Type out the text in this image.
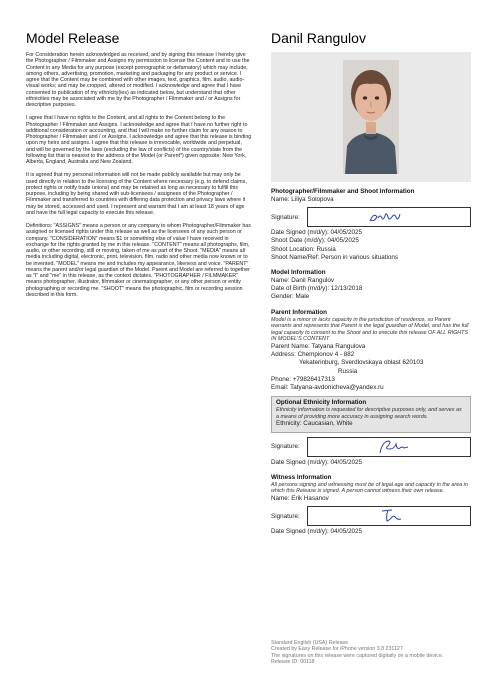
Model Release

For Consideration herein acknowledged as received, and by signing this release I hereby give the Photographer / Filmmaker and Assigns my permission to license the Content and to use the Content in any Media for any purpose (except pornographic or defamatory) which may include, among others, advertising, promotion, marketing and packaging for any product or service. I agree that the Content may be combined with other images, text, graphics, film, audio, audio-visual works; and may be cropped, altered or modified. I acknowledge and agree that I have consented to publication of my ethnicity(ies) as indicated below, but understand that other ethnicities may be associated with me by the Photographer / Filmmaker and / or Assigns for descriptive purposes.

I agree that I have no rights to the Content, and all rights to the Content belong to the Photographer / Filmmaker and Assigns. I acknowledge and agree that I have no further right to additional consideration or accounting, and that I will make no further claim for any reason to Photographer / Filmmaker and / or Assigns. I acknowledge and agree that this release is binding upon my heirs and assigns. I agree that this release is irrevocable, worldwide and perpetual, and will be governed by the laws (excluding the law of conflicts) of the country/state from the following list that is nearest to the address of the Model (or Parent*) given opposite: New York, Alberta, England, Australia and New Zealand.

It is agreed that my personal information will not be made publicly available but may only be used directly in relation to the licensing of the Content where necessary (e.g. to defend claims, protect rights or notify trade unions) and may be retained as long as necessary to fulfill this purpose, including by being shared with sub-licensees / assignees of the Photographer / Filmmaker and transferred to countries with differing data protection and privacy laws where it may be stored, accessed and used. I represent and warrant that I am at least 18 years of age and have the full legal capacity to execute this release.

Definitions: "ASSIGNS" means a person or any company to whom Photographer/Filmmaker has assigned or licensed rights under this release as well as the licensees of any such person or company. "CONSIDERATION" means $1 or something else of value I have received in exchange for the rights granted by me in this release. "CONTENT" means all photographs, film, audio, or other recording, still or moving, taken of me as part of the Shoot. "MEDIA" means all media including digital, electronic, print, television, film, radio and other media now known or to be invented. "MODEL" means me and includes my appearance, likeness and voice. "PARENT" means the parent and/or legal guardian of the Model. Parent and Model are referred to together as "I" and "me" in this release, as the context dictates. "PHOTOGRAPHER / FILMMAKER" means photographer, illustrator, filmmaker or cinematographer, or any other person or entity photographing or recording me. "SHOOT" means the photographic, film or recording session described in this form.

Danil Rangulov
Photographer/Filmmaker and Shoot Information
Name: Liliya Solopova
Signature:
Date Signed (m/d/y): 04/05/2025
Shoot Date (m/d/y): 04/05/2025
Shoot Location: Russia
Shoot Name/Ref: Person in various situations
Model Information
Name: Danil Rangulov
Date of Birth (m/d/y): 12/13/2018
Gender: Male
Parent Information
Model is a minor or lacks capacity in the jurisdiction of residence, so Parent warrants and represents that Parent is the legal guardian of Model, and has the full legal capacity to consent to the Shoot and to execute this release OF ALL RIGHTS IN MODEL'S CONTENT
Parent Name: Tatyana Rangulova
Address: Chempionov 4 - 882
Yekaterinburg, Sverdlovskaya oblast 620103
Russia
Phone: +79826417313
Email: Tatyana-avdonicheva@yandex.ru
Optional Ethnicity Information
Ethnicity information is requested for descriptive purposes only, and serves as a means of providing more accuracy in assigning search words.
Ethnicity: Caucasian, White
Signature:
Date Signed (m/d/y): 04/05/2025
Witness Information
All persons signing and witnessing must be of legal age and capacity in the area in which this Release is signed. A person cannot witness their own release.
Name: Erik Hasanov
Signature:
Date Signed (m/d/y): 04/05/2025
Standard English (USA) Release
Created by Easy Release for iPhone version 3.8 231127
The signatures on this release were captured digitally on a mobile device.
Release ID: 00118
